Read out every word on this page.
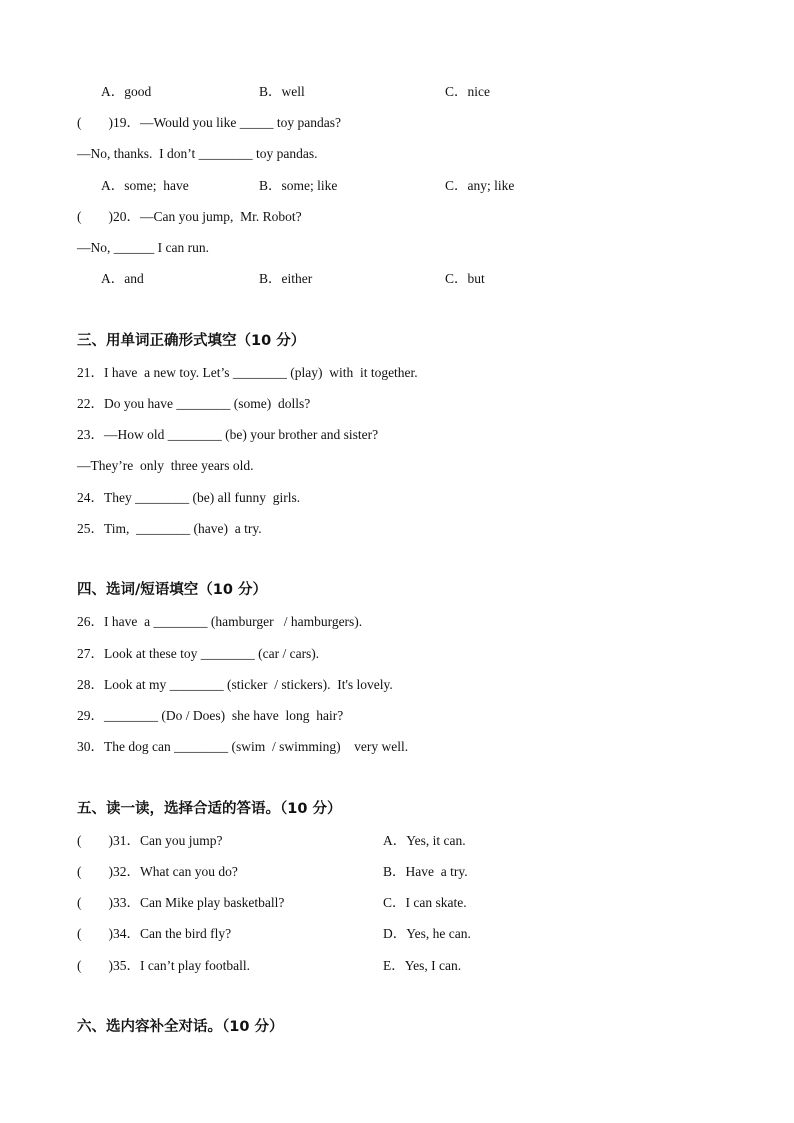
A．good	B．well	C．nice
(　　)19．—Would you like _____ toy pandas?
—No, thanks.  I don’t ________ toy pandas.
A．some;  have	B．some; like	C．any; like
(　　)20．—Can you jump,  Mr. Robot?
—No, ______ I can run.
A．and	B．either	C．but
三、用单词正确形式填空（10 分）
21．I have  a new toy. Let’s ________ (play)  with  it together.
22．Do you have ________ (some)  dolls?
23．—How old ________ (be) your brother and sister?
—They’re  only  three years old.
24．They ________ (be) all funny  girls.
25．Tim,  ________ (have)  a try.
四、选词/短语填空（10 分）
26．I have  a ________ (hamburger   / hamburgers).
27．Look at these toy ________ (car / cars).
28．Look at my ________ (sticker  / stickers).  It's lovely.
29．________ (Do / Does)  she have  long  hair?
30．The dog can ________ (swim  / swimming)    very well.
五、读一读，选择合适的答语。（10 分）
(　　)31．Can you jump?	A．Yes, it can.
(　　)32．What can you do?	B．Have  a try.
(　　)33．Can Mike play basketball?	C．I can skate.
(　　)34．Can the bird fly?	D．Yes, he can.
(　　)35．I can’t play football.	E．Yes, I can.
六、选内容补全对话。（10 分）
